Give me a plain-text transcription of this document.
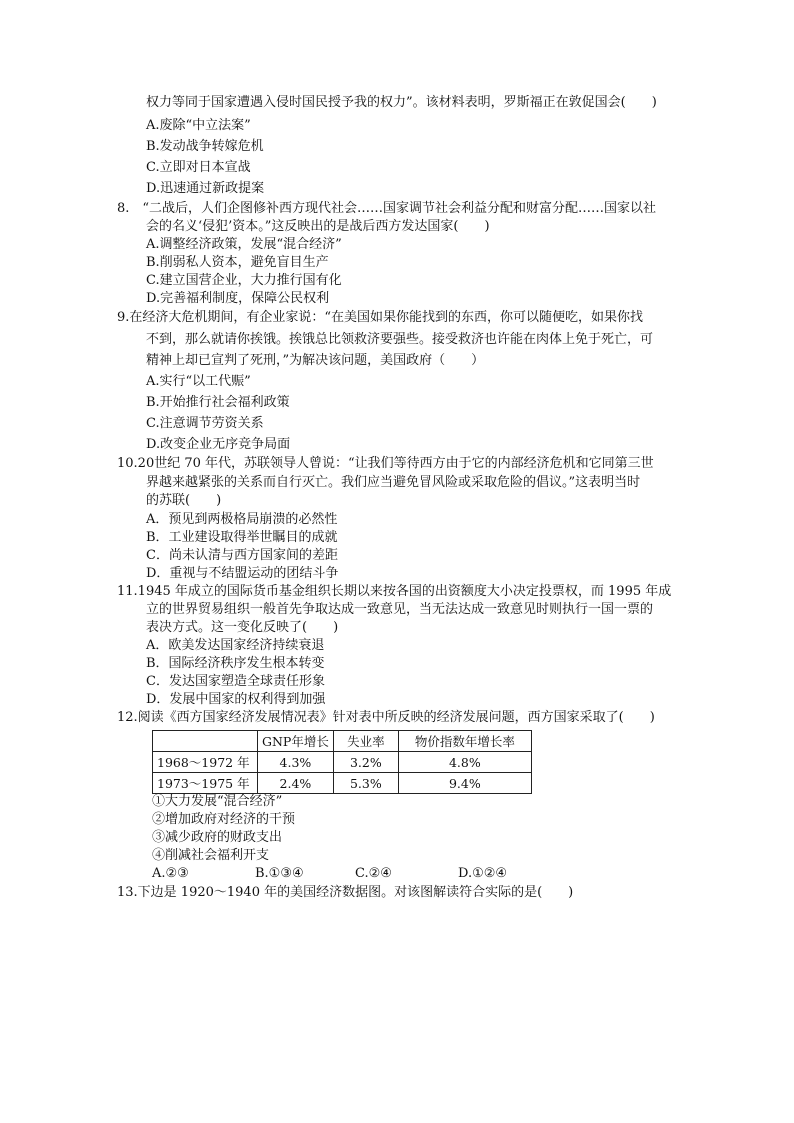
权力等同于国家遭遇入侵时国民授予我的权力”。该材料表明，罗斯福正在敦促国会(　　)
A.废除“中立法案”
B.发动战争转嫁危机
C.立即对日本宣战
D.迅速通过新政提案
8.　“二战后，人们企图修补西方现代社会……国家调节社会利益分配和财富分配……国家以社
会的名义‘侵犯’资本。”这反映出的是战后西方发达国家(　　)
A.调整经济政策，发展“混合经济”
B.削弱私人资本，避免盲目生产
C.建立国营企业，大力推行国有化
D.完善福利制度，保障公民权利
9.在经济大危机期间，有企业家说：“在美国如果你能找到的东西，你可以随便吃，如果你找
不到，那么就请你挨饿。挨饿总比领救济要强些。接受救济也许能在肉体上免于死亡，可
精神上却已宣判了死刑，”为解决该问题，美国政府（　　）
A.实行“以工代赈”
B.开始推行社会福利政策
C.注意调节劳资关系
D.改变企业无序竞争局面
10.20世纪 70 年代，苏联领导人曾说：“让我们等待西方由于它的内部经济危机和它同第三世
界越来越紧张的关系而自行灭亡。我们应当避免冒风险或采取危险的倡议。”这表明当时
的苏联(　　)
A．预见到两极格局崩溃的必然性
B．工业建设取得举世瞩目的成就
C．尚未认清与西方国家间的差距
D．重视与不结盟运动的团结斗争
11.1945 年成立的国际货币基金组织长期以来按各国的出资额度大小决定投票权，而 1995 年成
立的世界贸易组织一般首先争取达成一致意见，当无法达成一致意见时则执行一国一票的
表决方式。这一变化反映了(　　)
A．欧美发达国家经济持续衰退
B．国际经济秩序发生根本转变
C．发达国家塑造全球责任形象
D．发展中国家的权利得到加强
12.阅读《西方国家经济发展情况表》针对表中所反映的经济发展问题，西方国家采取了(　　)
	GNP年增长	失业率	物价指数年增长率
1968～1972 年	4.3%	3.2%	4.8%
1973～1975 年	2.4%	5.3%	9.4%
①大力发展“混合经济”
②增加政府对经济的干预
③减少政府的财政支出
④削减社会福利开支
A.②③	B.①③④	C.②④	D.①②④
13.下边是 1920～1940 年的美国经济数据图。对该图解读符合实际的是(　　)
